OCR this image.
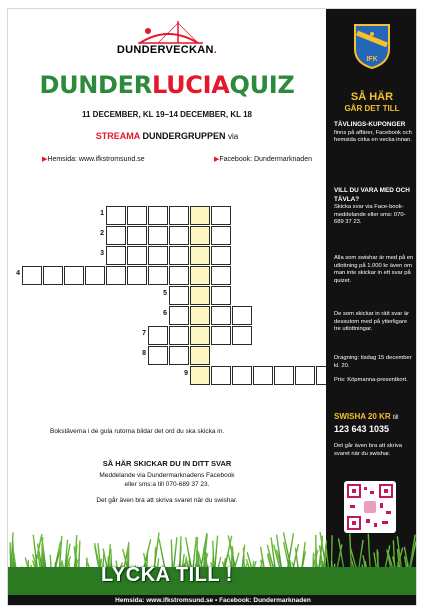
DUNDERVECKAN.
DUNDERLUCIAQUIZ
11 DECEMBER, KL 19–14 DECEMBER, KL 18
STREAMA DUNDERGRUPPEN via
▶Hemsida: www.ifkstromsund.se	▶Facebook: Dundermarknaden
1
2
3
4
5
6
7
8
9
Bokstäverna i de gula rutorna bildar det ord du ska skicka in.
SÅ HÄR SKICKAR DU IN DITT SVAR
Meddelande via Dundermarknadens Facebook
eller sms:a till 070-689 37 23.
Det går även bra att skriva svaret när du swishar.
IFK
SÅ HÄR
GÅR DET TILL
TÄVLINGS-KUPONGER
finns på affärer, Facebook och hemsida cirka en vecka innan.
VILL DU VARA MED OCH TÄVLA?
Skicka svar via Face-book-meddelande eller sms: 070-689 37 23.
Alla som swishar är med på en utlottning på 1.000 kr även om man inte skickar in ett svar på quizet.
De som skickar in rätt svar är dessutom med på ytterligare tre utlottningar.
Dragning: tisdag 15 december kl. 20.
Pris: Köpmanna-presentkort.
SWISHA 20 KR till
123 643 1035
Det går även bra att skriva svaret när du swishar.
LYCKA TILL !
Hemsida: www.ifkstromsund.se • Facebook: Dundermarknaden
